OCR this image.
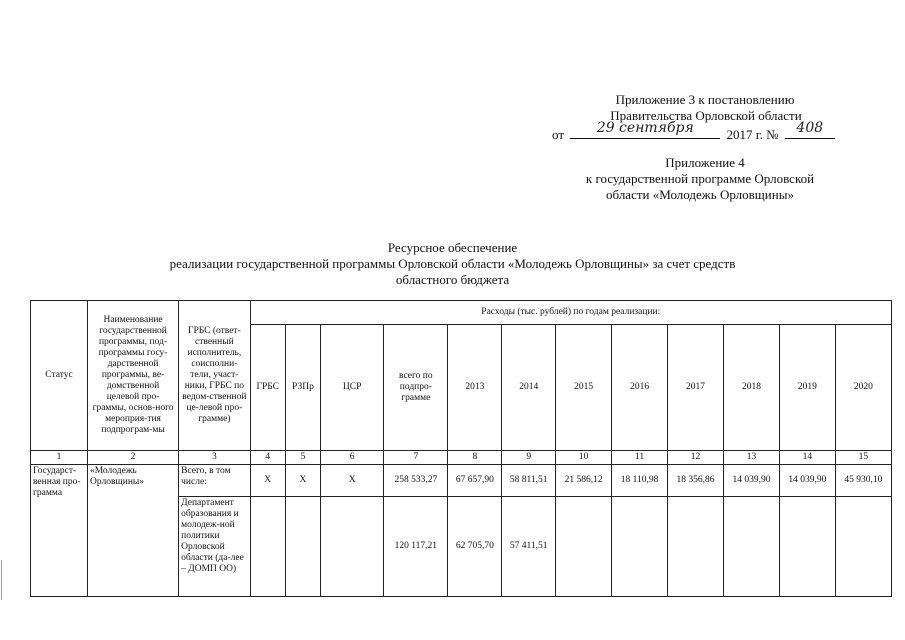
Приложение 3 к постановлению
Правительства Орловской области
от	29 сентября	2017 г. №	408
Приложение 4
к государственной программе Орловской
области «Молодежь Орловщины»
Ресурсное обеспечение
реализации государственной программы Орловской области «Молодежь Орловщины» за счет средств
областного бюджета
Статус	Наименование государственной программы, под-программы госу-дарственной программы, ве-домственной целевой про-граммы, основ-ного мероприя-тия подпрограм-мы	ГРБС (ответ-ственный исполнитель, соисполни-тели, участ-ники, ГРБС по ведом-ственной це-левой про-грамме)	Расходы (тыс. рублей) по годам реализации:											
			ГРБС	РЗПр	ЦСР	всего по подпро-грамме	2013	2014	2015	2016	2017	2018	2019	2020
1	2	3	4	5	6	7	8	9	10	11	12	13	14	15
Государст-венная про-грамма	«Молодежь Орловщины»	Всего, в том числе:	Х	Х	Х	258 533,27	67 657,90	58 811,51	21 586,12	18 110,98	18 356,86	14 039,90	14 039,90	45 930,10
		Департамент образования и молодеж-ной политики Орловской области (да-лее – ДОМП ОО)				120 117,21	62 705,70	57 411,51						
